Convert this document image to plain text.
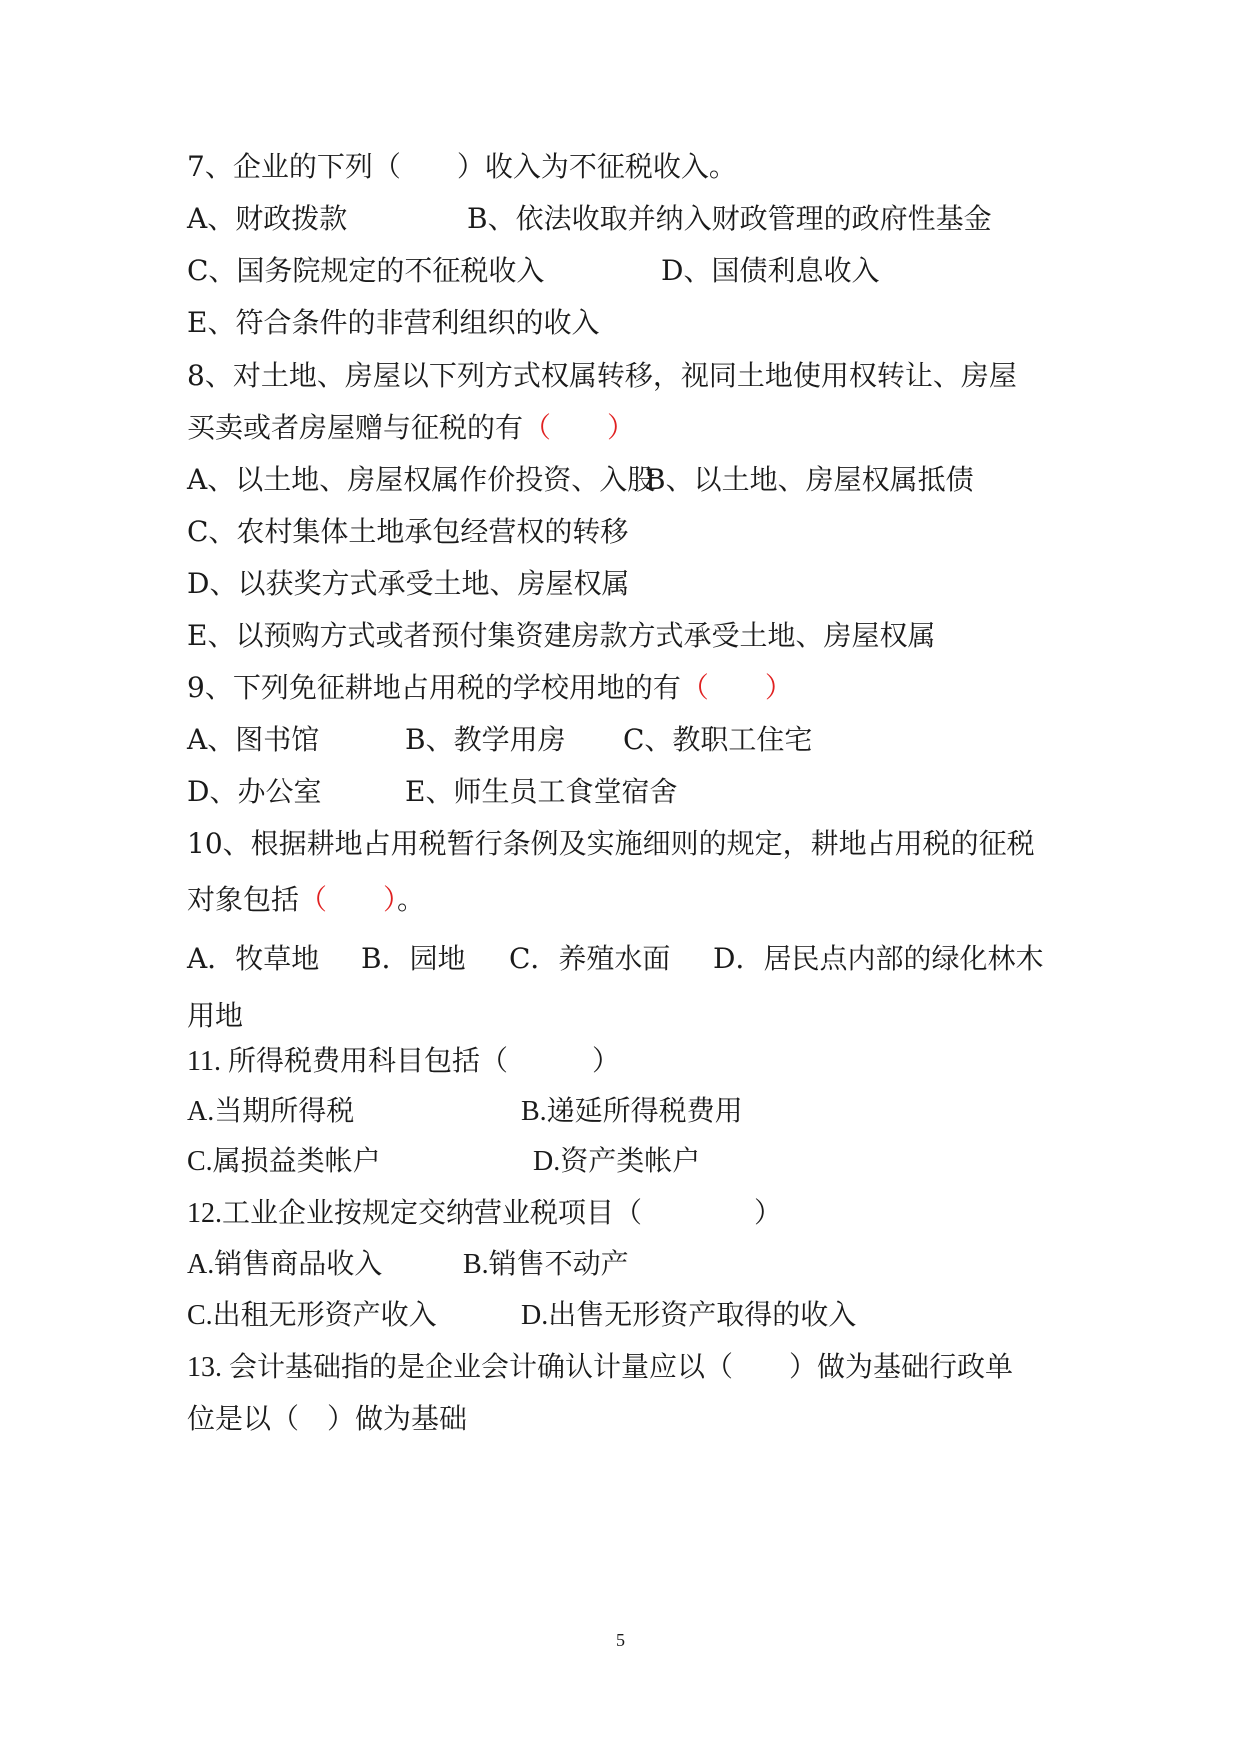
7、企业的下列（　　）收入为不征税收入。
A、财政拨款	B、依法收取并纳入财政管理的政府性基金
C、国务院规定的不征税收入	D、国债利息收入
E、符合条件的非营利组织的收入
8、对土地、房屋以下列方式权属转移，视同土地使用权转让、房屋
买卖或者房屋赠与征税的有（　　）
A、以土地、房屋权属作价投资、入股
B、以土地、房屋权属抵债
C、农村集体土地承包经营权的转移
D、以获奖方式承受土地、房屋权属
E、以预购方式或者预付集资建房款方式承受土地、房屋权属
9、下列免征耕地占用税的学校用地的有（　　）
A、图书馆	B、教学用房 C、教职工住宅
D、办公室	E、师生员工食堂宿舍
10、根据耕地占用税暂行条例及实施细则的规定，耕地占用税的征税
对象包括（　　）。
A．牧草地 B．园地 C．养殖水面 D．居民点内部的绿化林木
用地
11. 所得税费用科目包括（　　　）
A.当期所得税	B.递延所得税费用
C.属损益类帐户	D.资产类帐户
12.工业企业按规定交纳营业税项目（　　　　）
A.销售商品收入	B.销售不动产
C.出租无形资产收入	D.出售无形资产取得的收入
13. 会计基础指的是企业会计确认计量应以（　　）做为基础行政单
位是以（　）做为基础
5
